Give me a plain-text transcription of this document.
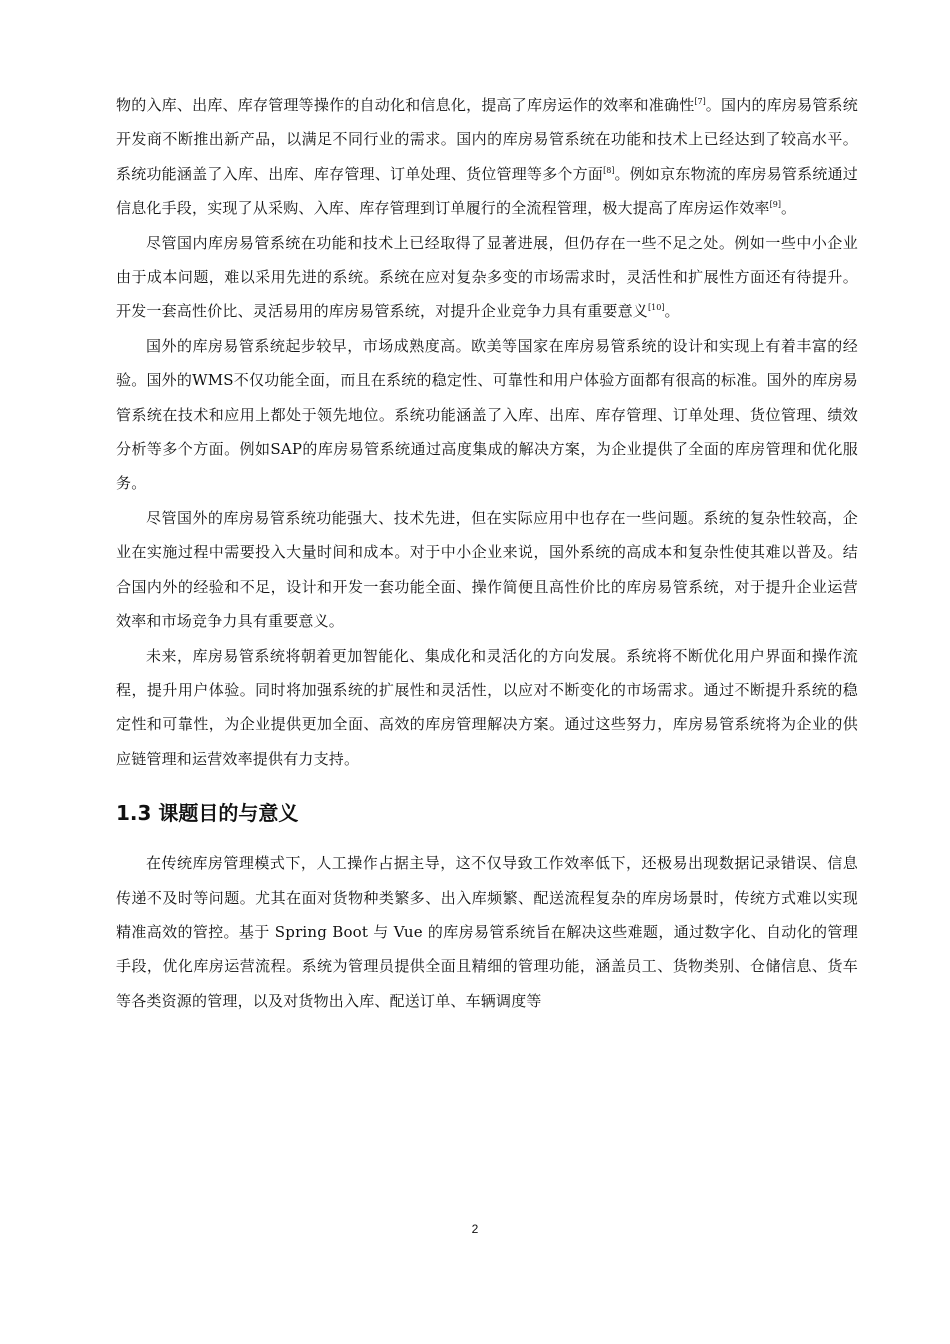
物的入库、出库、库存管理等操作的自动化和信息化，提高了库房运作的效率和准确性[7]。国内的库房易管系统开发商不断推出新产品，以满足不同行业的需求。国内的库房易管系统在功能和技术上已经达到了较高水平。系统功能涵盖了入库、出库、库存管理、订单处理、货位管理等多个方面[8]。例如京东物流的库房易管系统通过信息化手段，实现了从采购、入库、库存管理到订单履行的全流程管理，极大提高了库房运作效率[9]。

尽管国内库房易管系统在功能和技术上已经取得了显著进展，但仍存在一些不足之处。例如一些中小企业由于成本问题，难以采用先进的系统。系统在应对复杂多变的市场需求时，灵活性和扩展性方面还有待提升。开发一套高性价比、灵活易用的库房易管系统，对提升企业竞争力具有重要意义[10]。

国外的库房易管系统起步较早，市场成熟度高。欧美等国家在库房易管系统的设计和实现上有着丰富的经验。国外的WMS不仅功能全面，而且在系统的稳定性、可靠性和用户体验方面都有很高的标准。国外的库房易管系统在技术和应用上都处于领先地位。系统功能涵盖了入库、出库、库存管理、订单处理、货位管理、绩效分析等多个方面。例如SAP的库房易管系统通过高度集成的解决方案，为企业提供了全面的库房管理和优化服务。

尽管国外的库房易管系统功能强大、技术先进，但在实际应用中也存在一些问题。系统的复杂性较高，企业在实施过程中需要投入大量时间和成本。对于中小企业来说，国外系统的高成本和复杂性使其难以普及。结合国内外的经验和不足，设计和开发一套功能全面、操作简便且高性价比的库房易管系统，对于提升企业运营效率和市场竞争力具有重要意义。

未来，库房易管系统将朝着更加智能化、集成化和灵活化的方向发展。系统将不断优化用户界面和操作流程，提升用户体验。同时将加强系统的扩展性和灵活性，以应对不断变化的市场需求。通过不断提升系统的稳定性和可靠性，为企业提供更加全面、高效的库房管理解决方案。通过这些努力，库房易管系统将为企业的供应链管理和运营效率提供有力支持。

1.3 课题目的与意义

在传统库房管理模式下，人工操作占据主导，这不仅导致工作效率低下，还极易出现数据记录错误、信息传递不及时等问题。尤其在面对货物种类繁多、出入库频繁、配送流程复杂的库房场景时，传统方式难以实现精准高效的管控。基于 Spring Boot 与 Vue 的库房易管系统旨在解决这些难题，通过数字化、自动化的管理手段，优化库房运营流程。系统为管理员提供全面且精细的管理功能，涵盖员工、货物类别、仓储信息、货车等各类资源的管理，以及对货物出入库、配送订单、车辆调度等

2
